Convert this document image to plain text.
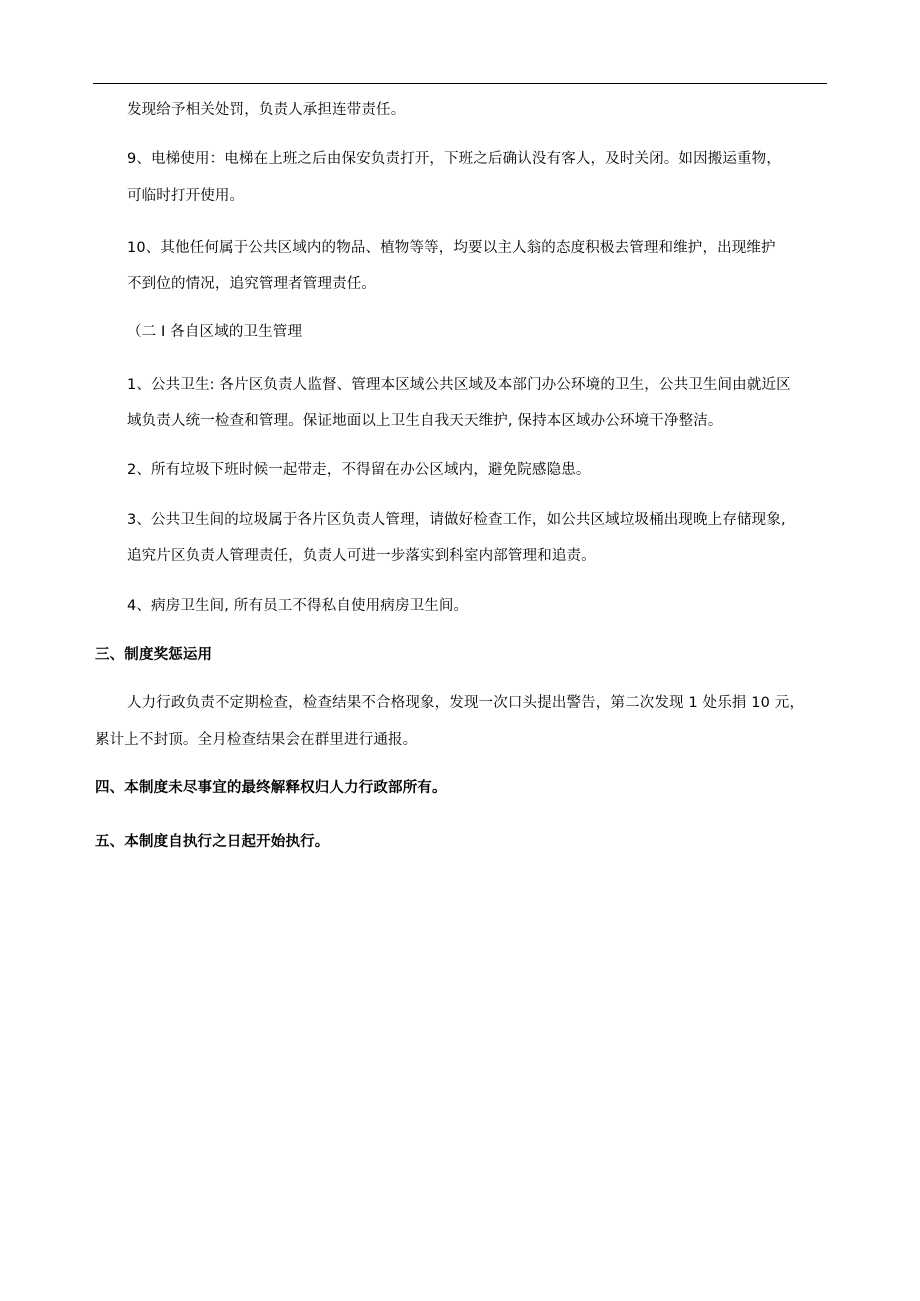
发现给予相关处罚，负责人承担连带责任。
9、电梯使用：电梯在上班之后由保安负责打开，下班之后确认没有客人，及时关闭。如因搬运重物，
可临时打开使用。
10、其他任何属于公共区域内的物品、植物等等，均要以主人翁的态度积极去管理和维护，出现维护
不到位的情况，追究管理者管理责任。
（二 I 各自区域的卫生管理
1、公共卫生: 各片区负责人监督、管理本区域公共区域及本部门办公环境的卫生，公共卫生间由就近区
域负责人统一检查和管理。保证地面以上卫生自我天天维护, 保持本区域办公环境干净整洁。
2、所有垃圾下班时候一起带走，不得留在办公区域内，避免院感隐患。
3、公共卫生间的垃圾属于各片区负责人管理，请做好检查工作，如公共区域垃圾桶出现晚上存储现象,
追究片区负责人管理责任，负责人可进一步落实到科室内部管理和追责。
4、病房卫生间, 所有员工不得私自使用病房卫生间。
三、制度奖惩运用
人力行政负责不定期检查，检查结果不合格现象，发现一次口头提出警告，第二次发现 1 处乐捐 10 元，
累计上不封顶。全月检查结果会在群里进行通报。
四、本制度未尽事宜的最终解释权归人力行政部所有。
五、本制度自执行之日起开始执行。
